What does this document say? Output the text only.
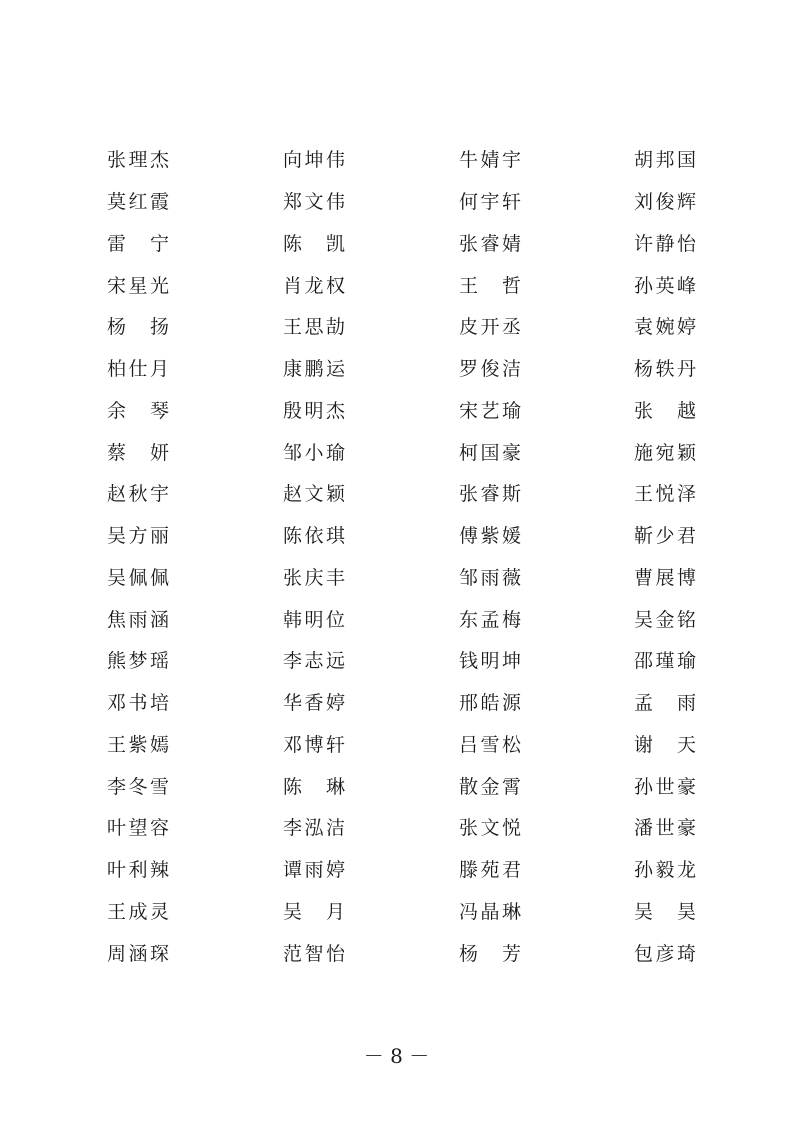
张 理 杰	向 坤 伟	牛 婧 宇	胡 邦 国
莫 红 霞	郑 文 伟	何 宇 轩	刘 俊 辉
雷 宁	陈 凯	张 睿 婧	许 静 怡
宋 星 光	肖 龙 权	王 哲	孙 英 峰
杨 扬	王 思 劼	皮 开 丞	袁 婉 婷
柏 仕 月	康 鹏 运	罗 俊 洁	杨 轶 丹
余 琴	殷 明 杰	宋 艺 瑜	张 越
蔡 妍	邹 小 瑜	柯 国 豪	施 宛 颖
赵 秋 宇	赵 文 颖	张 睿 斯	王 悦 泽
吴 方 丽	陈 依 琪	傅 紫 媛	靳 少 君
吴 佩 佩	张 庆 丰	邹 雨 薇	曹 展 博
焦 雨 涵	韩 明 位	东 孟 梅	吴 金 铭
熊 梦 瑶	李 志 远	钱 明 坤	邵 瑾 瑜
邓 书 培	华 香 婷	邢 皓 源	孟 雨
王 紫 嫣	邓 博 轩	吕 雪 松	谢 天
李 冬 雪	陈 琳	散 金 霄	孙 世 豪
叶 望 容	李 泓 洁	张 文 悦	潘 世 豪
叶 利 辣	谭 雨 婷	滕 苑 君	孙 毅 龙
王 成 灵	吴 月	冯 晶 琳	吴 昊
周 涵 琛	范 智 怡	杨 芳	包 彦 琦
－ 8 －
